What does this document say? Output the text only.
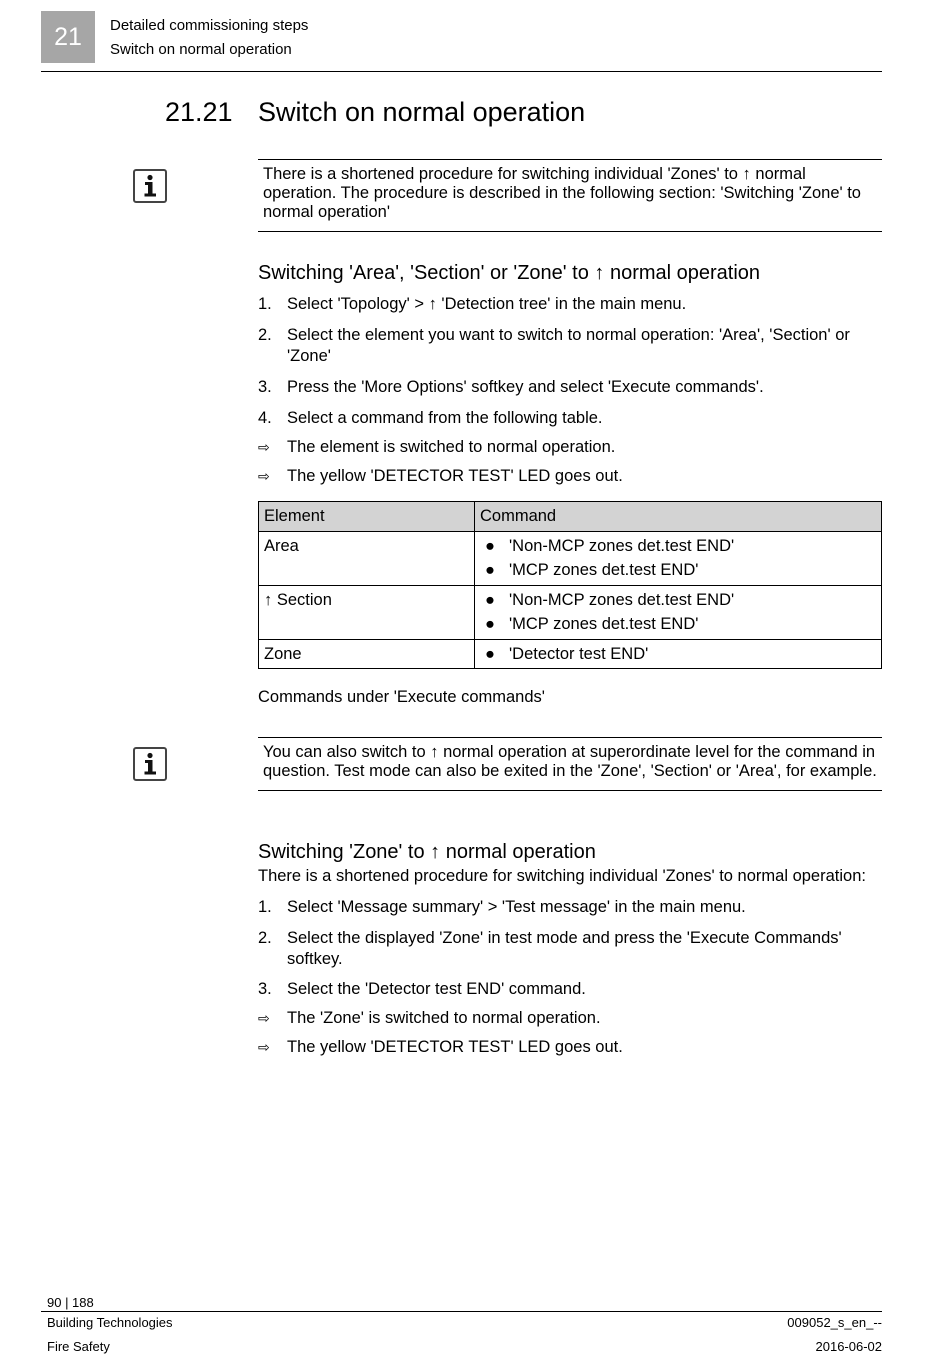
21 Detailed commissioning steps
Switch on normal operation
21.21 Switch on normal operation
There is a shortened procedure for switching individual 'Zones' to ↑ normal operation. The procedure is described in the following section: 'Switching 'Zone' to normal operation'
Switching 'Area', 'Section' or 'Zone' to ↑ normal operation
1. Select 'Topology' > ↑ 'Detection tree' in the main menu.
2. Select the element you want to switch to normal operation: 'Area', 'Section' or 'Zone'
3. Press the 'More Options' softkey and select 'Execute commands'.
4. Select a command from the following table.
⇨	The element is switched to normal operation.
⇨	The yellow 'DETECTOR TEST' LED goes out.
Element	Command

Area	● 'Non-MCP zones det.test END'
● 'MCP zones det.test END'

↑ Section	● 'Non-MCP zones det.test END'
● 'MCP zones det.test END'

Zone	● 'Detector test END'
Commands under 'Execute commands'
You can also switch to ↑ normal operation at superordinate level for the command in question. Test mode can also be exited in the 'Zone', 'Section' or 'Area', for example.
Switching 'Zone' to ↑ normal operation
There is a shortened procedure for switching individual 'Zones' to normal operation:
1. Select 'Message summary' > 'Test message' in the main menu.
2. Select the displayed 'Zone' in test mode and press the 'Execute Commands' softkey.
3. Select the 'Detector test END' command.
⇨	The 'Zone' is switched to normal operation.
⇨	The yellow 'DETECTOR TEST' LED goes out.
90 | 188
Building Technologies
Fire Safety
009052_s_en_--
2016-06-02
